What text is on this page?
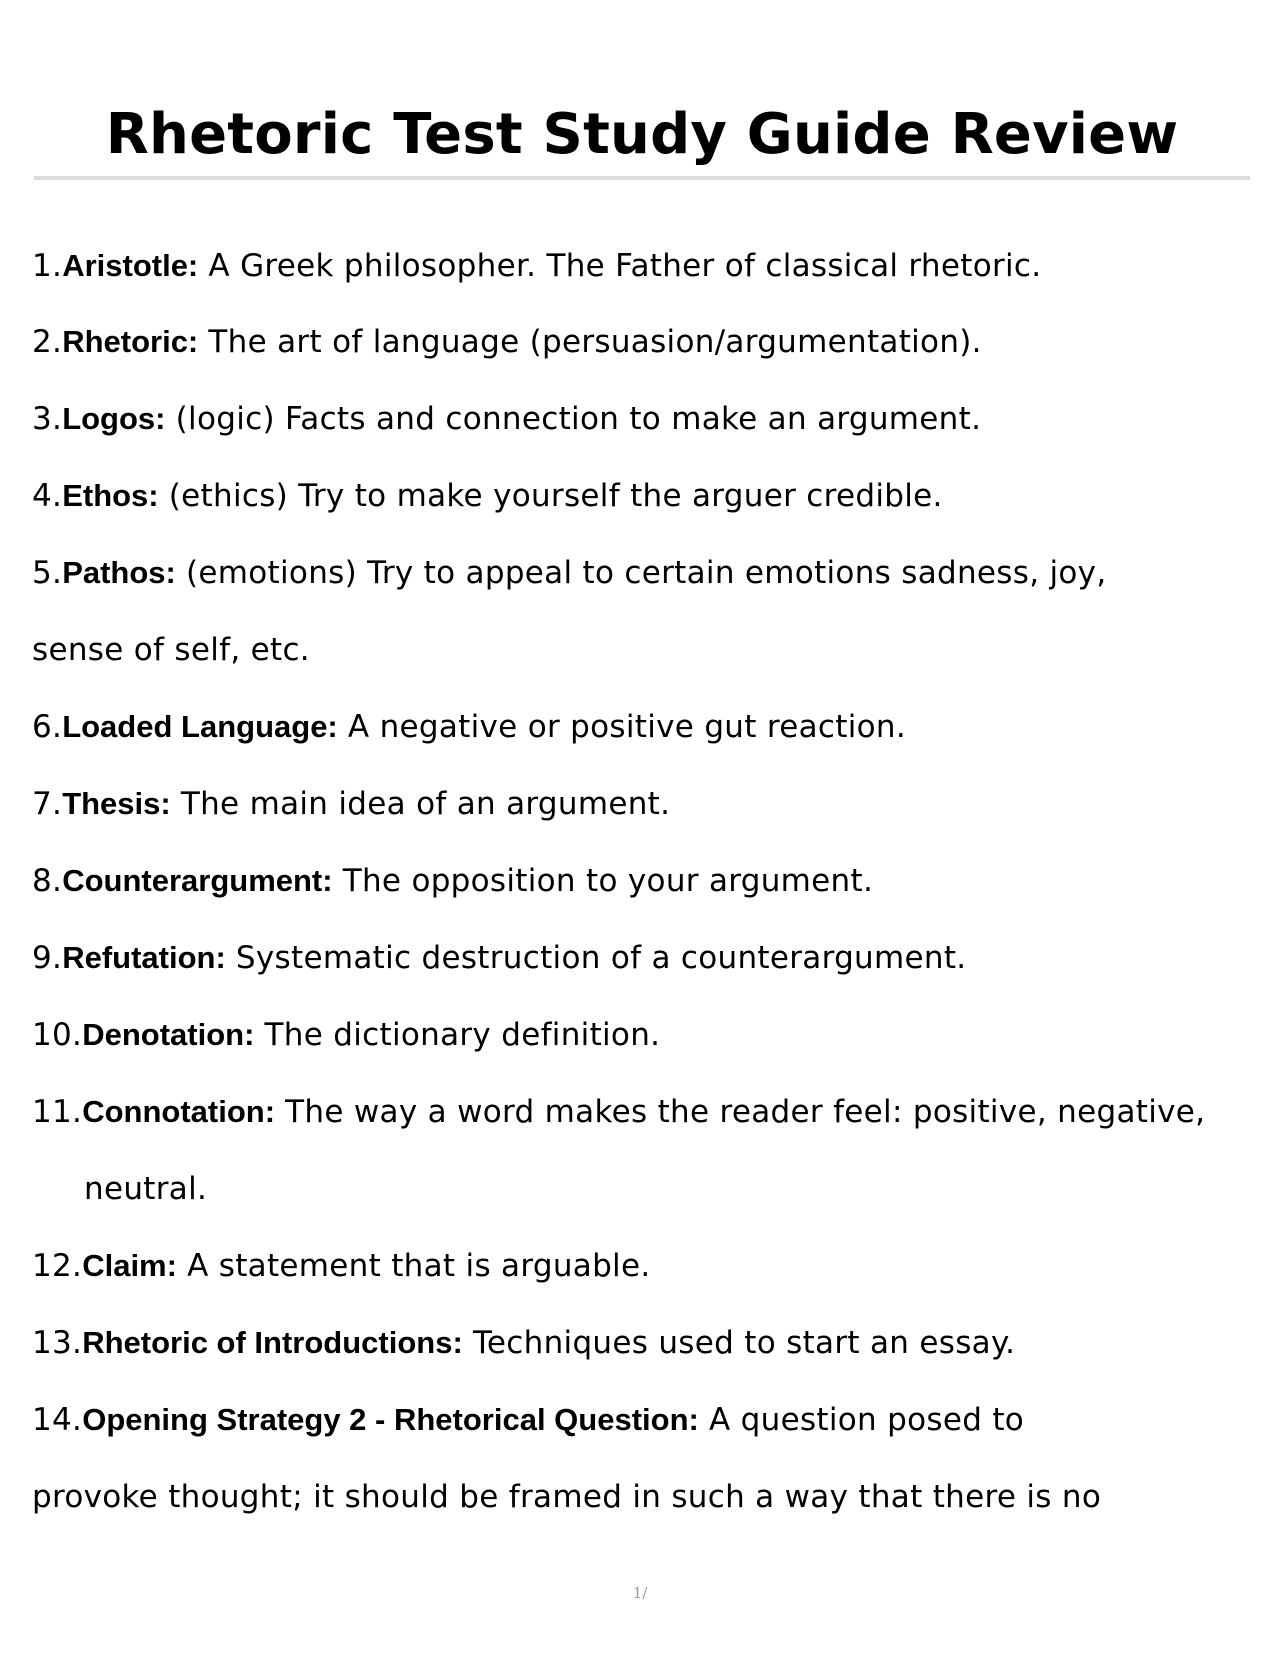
Rhetoric Test Study Guide Review
1.Aristotle: A Greek philosopher. The Father of classical rhetoric.
2.Rhetoric: The art of language (persuasion/argumentation).
3.Logos: (logic) Facts and connection to make an argument.
4.Ethos: (ethics) Try to make yourself the arguer credible.
5.Pathos: (emotions) Try to appeal to certain emotions sadness, joy,
sense of self, etc.
6.Loaded Language: A negative or positive gut reaction.
7.Thesis: The main idea of an argument.
8.Counterargument: The opposition to your argument.
9.Refutation: Systematic destruction of a counterargument.
10.Denotation: The dictionary definition.
11.Connotation: The way a word makes the reader feel: positive, negative,
neutral.
12.Claim: A statement that is arguable.
13.Rhetoric of Introductions: Techniques used to start an essay.
14.Opening Strategy 2 - Rhetorical Question: A question posed to
provoke thought; it should be framed in such a way that there is no
1/
